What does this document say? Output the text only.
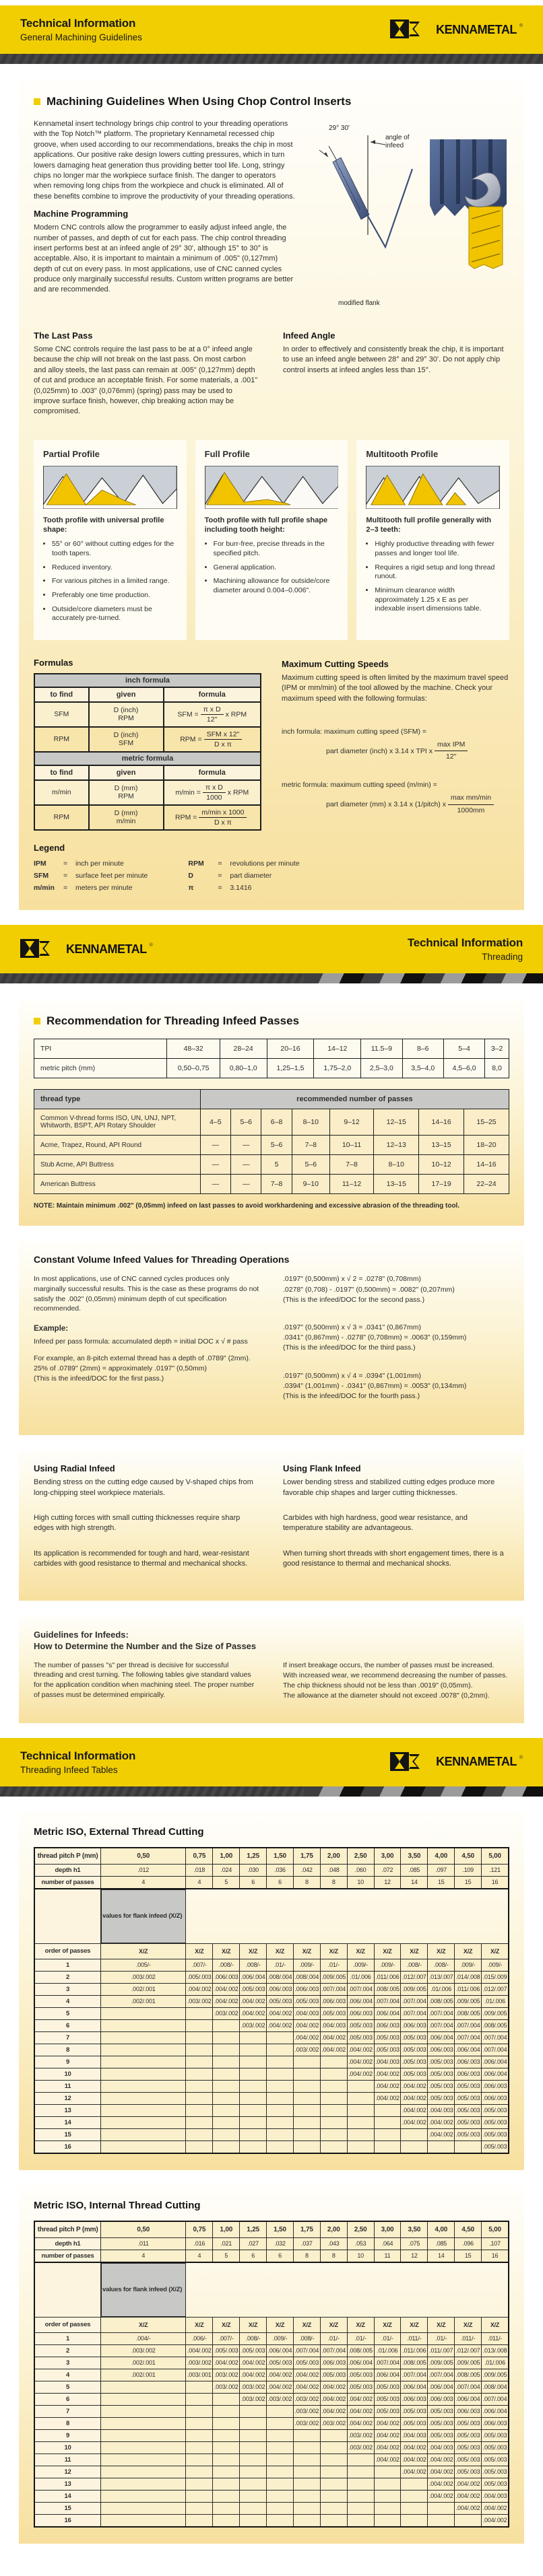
Technical Information
General Machining Guidelines
KENNAMETAL ®
Machining Guidelines When Using Chop Control Inserts

Kennametal insert technology brings chip control to your threading operations with the Top Notch™ platform. The proprietary Kennametal recessed chip groove, when used according to our recommendations, breaks the chip in most applications. Our positive rake design lowers cutting pressures, which in turn lowers damaging heat generation thus providing better tool life. Long, stringy chips no longer mar the workpiece surface finish. The danger to operators when removing long chips from the workpiece and chuck is eliminated. All of these benefits combine to improve the productivity of your threading operations.

Machine Programming

Modern CNC controls allow the programmer to easily adjust infeed angle, the number of passes, and depth of cut for each pass. The chip control threading insert performs best at an infeed angle of 29° 30', although 15° to 30° is acceptable. Also, it is important to maintain a minimum of .005" (0,127mm) depth of cut on every pass. In most applications, use of CNC canned cycles produce only marginally successful results. Custom written programs are better and are recommended.

29° 30'
angle of infeed
modified flank
The Last Pass

Some CNC controls require the last pass to be at a 0° infeed angle because the chip will not break on the last pass. On most carbon and alloy steels, the last pass can remain at .005" (0,127mm) depth of cut and produce an acceptable finish. For some materials, a .001" (0,025mm) to .003" (0,076mm) (spring) pass may be used to improve surface finish, however, chip breaking action may be compromised.

Infeed Angle

In order to effectively and consistently break the chip, it is important to use an infeed angle between 28° and 29° 30'. Do not apply chip control inserts at infeed angles less than 15°.

Partial Profile
Tooth profile with universal profile shape:
• 55° or 60° without cutting edges for the tooth tapers.
• Reduced inventory.
• For various pitches in a limited range.
• Preferably one time production.
• Outside/core diameters must be accurately pre-turned.
Full Profile
Tooth profile with full profile shape including tooth height:
• For burr-free, precise threads in the specified pitch.
• General application.
• Machining allowance for outside/core diameter around 0.004–0.006".
Multitooth Profile
Multitooth full profile generally with 2–3 teeth:
• Highly productive threading with fewer passes and longer tool life.
• Requires a rigid setup and long thread runout.
• Minimum clearance width approximately 1.25 x E as per indexable insert dimensions table.
Formulas
inch formula		
to find	given	formula
SFM	D (inch)
RPM
	SFM = $\frac{\text{π x D}}{12"}$ x RPM
RPM	D (inch)
SFM
	RPM = $\frac{\text{SFM x 12"}}{\text{D x π}}$

metric formula		
to find	given	formula
m/min	D (mm)
RPM
	$m/\min = \frac{\text{π x D}}{1000}$ x RPM
RPM	D (mm)
m/min
	RPM = $\frac{\text{m/min x 1000}}{\text{D x π}}$
Maximum Cutting Speeds

Maximum cutting speed is often limited by the maximum travel speed (IPM or mm/min) of the tool allowed by the machine. Check your maximum speed with the following formulas:

inch formula: maximum cutting speed (SFM) =
part diameter (inch) x 3.14 x TPI x $\frac{\text{max IPM}}{12"}$

metric formula: maximum cutting speed (m/min) =
part diameter (mm) x 3.14 x (1/pitch) x $\frac{\text{max mm/min}}{1000mm}$

Legend
IPM	=	inch per minute
SFM	=	surface feet per minute
m/min	=	meters per minute
RPM	=	revolutions per minute
D	=	part diameter
π	=	3.1416
KENNAMETAL ®	Technical Information
Threading
Recommendation for Threading Infeed Passes
TPI	48–32	28–24	20–16	14–12	11.5–9	8–6	5–4	3–2
metric pitch (mm)	0,50–0,75	0,80–1,0	1,25–1,5	1,75–2,0	2,5–3,0	3,5–4,0	4,5–6,0	8,0
thread type	recommended number of passes							
Common V-thread forms ISO, UN, UNJ, NPT, Whitworth, BSPT, API Rotary Shoulder	4–5	5–6	6–8	8–10	9–12	12–15	14–16	15–25
Acme, Trapez, Round, API Round	—	—	5–6	7–8	10–11	12–13	13–15	18–20
Stub Acme, API Buttress	—	—	5	5–6	7–8	8–10	10–12	14–16
American Buttress	—	—	7–8	9–10	11–12	13–15	17–19	22–24

NOTE: Maintain minimum .002" (0,05mm) infeed on last passes to avoid workhardening and excessive abrasion of the threading tool.

Constant Volume Infeed Values for Threading Operations

In most applications, use of CNC canned cycles produces only marginally successful results. This is the case as these programs do not satisfy the .002" (0,05mm) minimum depth of cut specification recommended.

Example:

Infeed per pass formula: accumulated depth = initial DOC x √ # pass

For example, an 8-pitch external thread has a depth of .0789" (2mm).
25% of .0789" (2mm) = approximately .0197" (0,50mm)
(This is the infeed/DOC for the first pass.)
.0197" (0,500mm) x √ 2 = .0278" (0,708mm)
.0278" (0,708) - .0197" (0,500mm) = .0082" (0,207mm)
(This is the infeed/DOC for the second pass.)
.0197" (0,500mm) x √ 3 = .0341" (0,867mm)
.0341" (0,867mm) - .0278" (0,708mm) = .0063" (0,159mm)
(This is the infeed/DOC for the third pass.)
.0197" (0,500mm) x √ 4 = .0394" (1,001mm)
.0394" (1,001mm) - .0341" (0,867mm) = .0053" (0,134mm)
(This is the infeed/DOC for the fourth pass.)
Using Radial Infeed

Bending stress on the cutting edge caused by V-shaped chips from long-chipping steel workpiece materials.

High cutting forces with small cutting thicknesses require sharp edges with high strength.

Its application is recommended for tough and hard, wear-resistant carbides with good resistance to thermal and mechanical shocks.

Using Flank Infeed

Lower bending stress and stabilized cutting edges produce more favorable chip shapes and larger cutting thicknesses.

Carbides with high hardness, good wear resistance, and temperature stability are advantageous.

When turning short threads with short engagement times, there is a good resistance to thermal and mechanical shocks.

Guidelines for Infeeds:
How to Determine the Number and the Size of Passes

The number of passes "s" per thread is decisive for successful threading and crest turning. The following tables give standard values for the application condition when machining steel. The proper number of passes must be determined empirically.

If insert breakage occurs, the number of passes must be increased.
With increased wear, we recommend decreasing the number of passes.
The chip thickness should not be less than .0019" (0,05mm).
The allowance at the diameter should not exceed .0078" (0,2mm).
Technical Information
Threading Infeed Tables
KENNAMETAL ®
Metric ISO, External Thread Cutting
thread pitch P (mm)	0,50	0,75	1,00	1,25	1,50	1,75	2,00	2,50	3,00	3,50	4,00	4,50	5,00
depth h1	.012	.018	.024	.030	.036	.042	.048	.060	.072	.085	.097	.109	.121
number of passes	4	4	5	6	6	8	8	10	12	14	15	15	16

values for flank infeed (X/Z)

order of passes	X/Z	X/Z	X/Z	X/Z	X/Z	X/Z	X/Z	X/Z	X/Z	X/Z	X/Z	X/Z	X/Z
1	.005/-	.007/-	.008/-	.008/-	.01/-	.009/-	.01/-	.009/-	.009/-	.008/-	.008/-	.009/-	.009/-
2	.003/.002	.005/.003	.006/.003	.006/.004	.008/.004	.008/.004	.009/.005	.01/.006	.011/.006	.012/.007	.013/.007	.014/.008	.015/.009
3	.002/.001	.004/.002	.004/.002	.005/.003	.006/.003	.006/.003	.007/.004	.007/.004	.008/.005	.009/.005	.01/.006	.011/.006	.012/.007
4	.002/.001	.003/.002	.004/.002	.004/.002	.005/.003	.005/.003	.006/.003	.006/.004	.007/.004	.007/.004	.008/.005	.009/.005	.01/.006
5			.003/.002	.004/.002	.004/.002	.004/.003	.005/.003	.006/.003	.006/.004	.007/.004	.007/.004	.008/.005	.009/.005
6				.003/.002	.004/.002	.004/.002	.004/.003	.005/.003	.006/.003	.006/.003	.007/.004	.007/.004	.008/.005
7						.004/.002	.004/.002	.005/.003	.005/.003	.005/.003	.006/.004	.007/.004	.007/.004
8						.003/.002	.004/.002	.004/.002	.005/.003	.005/.003	.006/.003	.006/.004	.007/.004
9								.004/.002	.004/.003	.005/.003	.005/.003	.006/.003	.006/.004
10								.004/.002	.004/.002	.005/.003	.005/.003	.006/.003	.006/.004
11									.004/.002	.004/.002	.005/.003	.005/.003	.006/.003
12									.004/.002	.004/.002	.005/.003	.005/.003	.006/.003
13										.004/.002	.004/.003	.005/.003	.005/.003
14										.004/.002	.004/.002	.005/.003	.005/.003
15											.004/.002	.005/.003	.005/.003
16													.005/.003
Metric ISO, Internal Thread Cutting
thread pitch P (mm)	0,50	0,75	1,00	1,25	1,50	1,75	2,00	2,50	3,00	3,50	4,00	4,50	5,00
depth h1	.011	.016	.021	.027	.032	.037	.043	.053	.064	.075	.085	.096	.107
number of passes	4	4	5	6	6	8	8	10	11	12	14	15	16

values for flank infeed (X/Z)

order of passes	X/Z	X/Z	X/Z	X/Z	X/Z	X/Z	X/Z	X/Z	X/Z	X/Z	X/Z	X/Z	X/Z
1	.004/-	.006/-	.007/-	.008/-	.009/-	.008/-	.01/-	.01/-	.01/-	.011/-	.01/-	.011/-	.011/-
2	.003/.002	.004/.002	.005/.003	.005/.003	.006/.004	.007/.004	.007/.004	.008/.005	.01/.006	.011/.006	.011/.007	.012/.007	.013/.008
3	.002/.001	.003/.002	.004/.002	.004/.002	.005/.003	.005/.003	.006/.003	.006/.004	.007/.004	.008/.005	.009/.005	.009/.005	.01/.006
4	.002/.001	.003/.001	.003/.002	.004/.002	.004/.002	.004/.002	.005/.003	.005/.003	.006/.004	.007/.004	.007/.004	.008/.005	.009/.005
5			.003/.002	.003/.002	.004/.002	.004/.002	.004/.002	.005/.003	.005/.003	.006/.004	.006/.004	.007/.004	.008/.004
6				.003/.002	.003/.002	.003/.002	.004/.002	.004/.002	.005/.003	.006/.003	.006/.003	.006/.004	.007/.004
7						.003/.002	.004/.002	.004/.002	.005/.003	.005/.003	.005/.003	.006/.003	.006/.004
8						.003/.002	.003/.002	.004/.002	.004/.002	.005/.003	.005/.003	.005/.003	.006/.003
9								.003/.002	.004/.002	.004/.003	.005/.003	.005/.003	.005/.003
10								.003/.002	.004/.002	.004/.002	.004/.003	.005/.003	.005/.003
11									.004/.002	.004/.002	.004/.002	.005/.003	.005/.003
12										.004/.002	.004/.002	.005/.003	.005/.003
13											.004/.002	.004/.002	.005/.003
14											.004/.002	.004/.002	.004/.003
15												.004/.002	.004/.002
16													.004/.002
